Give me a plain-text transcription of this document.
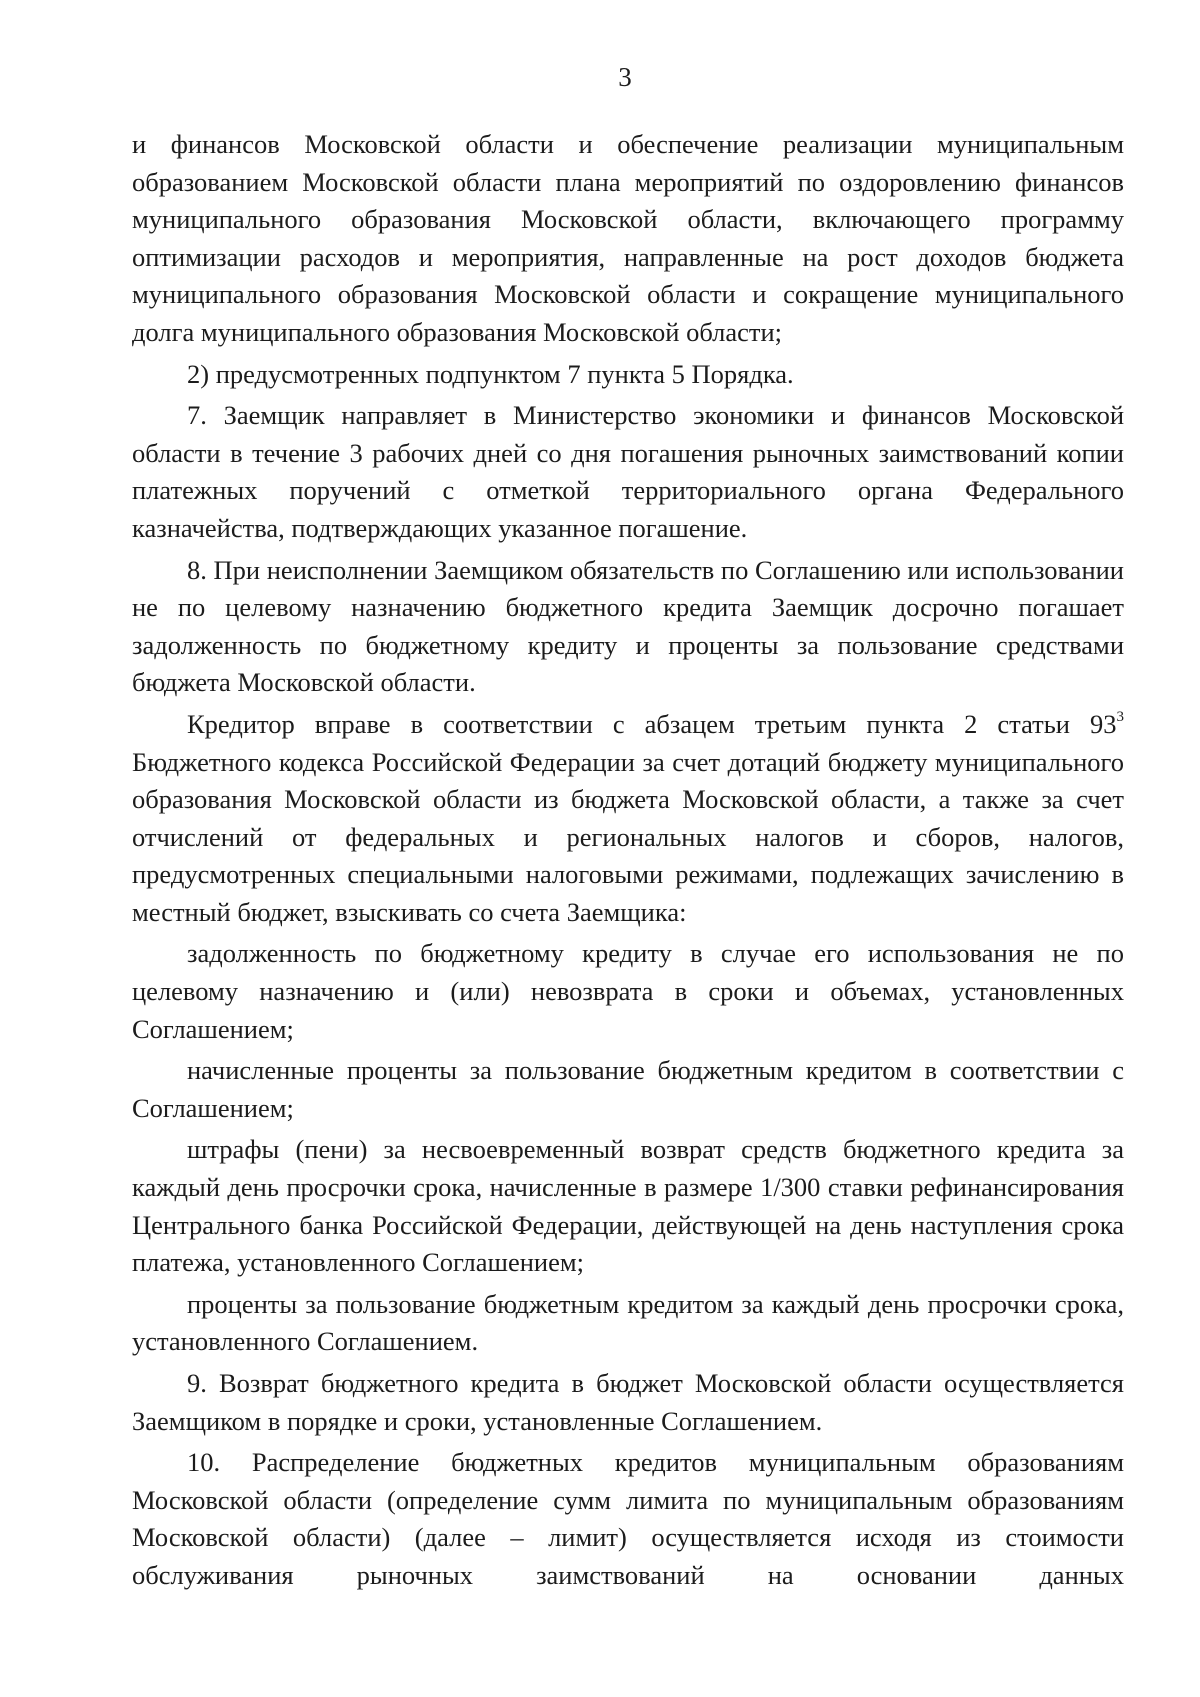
3

и финансов Московской области и обеспечение реализации муниципальным образованием Московской области плана мероприятий по оздоровлению финансов муниципального образования Московской области, включающего программу оптимизации расходов и мероприятия, направленные на рост доходов бюджета муниципального образования Московской области и сокращение муниципального долга муниципального образования Московской области;

2) предусмотренных подпунктом 7 пункта 5 Порядка.

7. Заемщик направляет в Министерство экономики и финансов Московской области в течение 3 рабочих дней со дня погашения рыночных заимствований копии платежных поручений с отметкой территориального органа Федерального казначейства, подтверждающих указанное погашение.

8. При неисполнении Заемщиком обязательств по Соглашению или использовании не по целевому назначению бюджетного кредита Заемщик досрочно погашает задолженность по бюджетному кредиту и проценты за пользование средствами бюджета Московской области.

Кредитор вправе в соответствии с абзацем третьим пункта 2 статьи $93^3$ Бюджетного кодекса Российской Федерации за счет дотаций бюджету муниципального образования Московской области из бюджета Московской области, а также за счет отчислений от федеральных и региональных налогов и сборов, налогов, предусмотренных специальными налоговыми режимами, подлежащих зачислению в местный бюджет, взыскивать со счета Заемщика:

задолженность по бюджетному кредиту в случае его использования не по целевому назначению и (или) невозврата в сроки и объемах, установленных Соглашением;

начисленные проценты за пользование бюджетным кредитом в соответствии с Соглашением;

штрафы (пени) за несвоевременный возврат средств бюджетного кредита за каждый день просрочки срока, начисленные в размере 1/300 ставки рефинансирования Центрального банка Российской Федерации, действующей на день наступления срока платежа, установленного Соглашением;

проценты за пользование бюджетным кредитом за каждый день просрочки срока, установленного Соглашением.

9. Возврат бюджетного кредита в бюджет Московской области осуществляется Заемщиком в порядке и сроки, установленные Соглашением.

10. Распределение бюджетных кредитов муниципальным образованиям Московской области (определение сумм лимита по муниципальным образованиям Московской области) (далее – лимит) осуществляется исходя из стоимости обслуживания рыночных заимствований на основании данных
